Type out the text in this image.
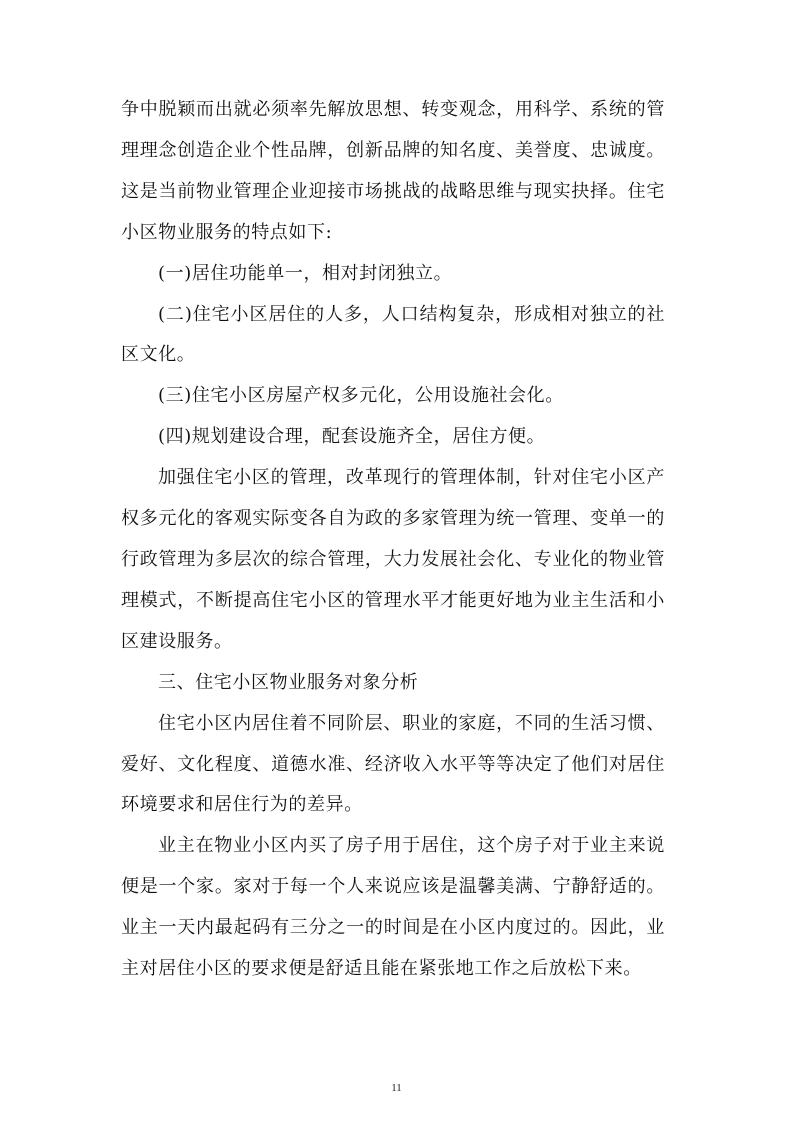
争中脱颖而出就必须率先解放思想、转变观念，用科学、系统的管理理念创造企业个性品牌，创新品牌的知名度、美誉度、忠诚度。这是当前物业管理企业迎接市场挑战的战略思维与现实抉择。住宅小区物业服务的特点如下:

(一)居住功能单一，相对封闭独立。

(二)住宅小区居住的人多，人口结构复杂，形成相对独立的社区文化。

(三)住宅小区房屋产权多元化，公用设施社会化。

(四)规划建设合理，配套设施齐全，居住方便。

加强住宅小区的管理，改革现行的管理体制，针对住宅小区产权多元化的客观实际变各自为政的多家管理为统一管理、变单一的行政管理为多层次的综合管理，大力发展社会化、专业化的物业管理模式，不断提高住宅小区的管理水平才能更好地为业主生活和小区建设服务。

三、住宅小区物业服务对象分析

住宅小区内居住着不同阶层、职业的家庭，不同的生活习惯、爱好、文化程度、道德水准、经济收入水平等等决定了他们对居住环境要求和居住行为的差异。

业主在物业小区内买了房子用于居住，这个房子对于业主来说便是一个家。家对于每一个人来说应该是温馨美满、宁静舒适的。业主一天内最起码有三分之一的时间是在小区内度过的。因此，业主对居住小区的要求便是舒适且能在紧张地工作之后放松下来。

11
